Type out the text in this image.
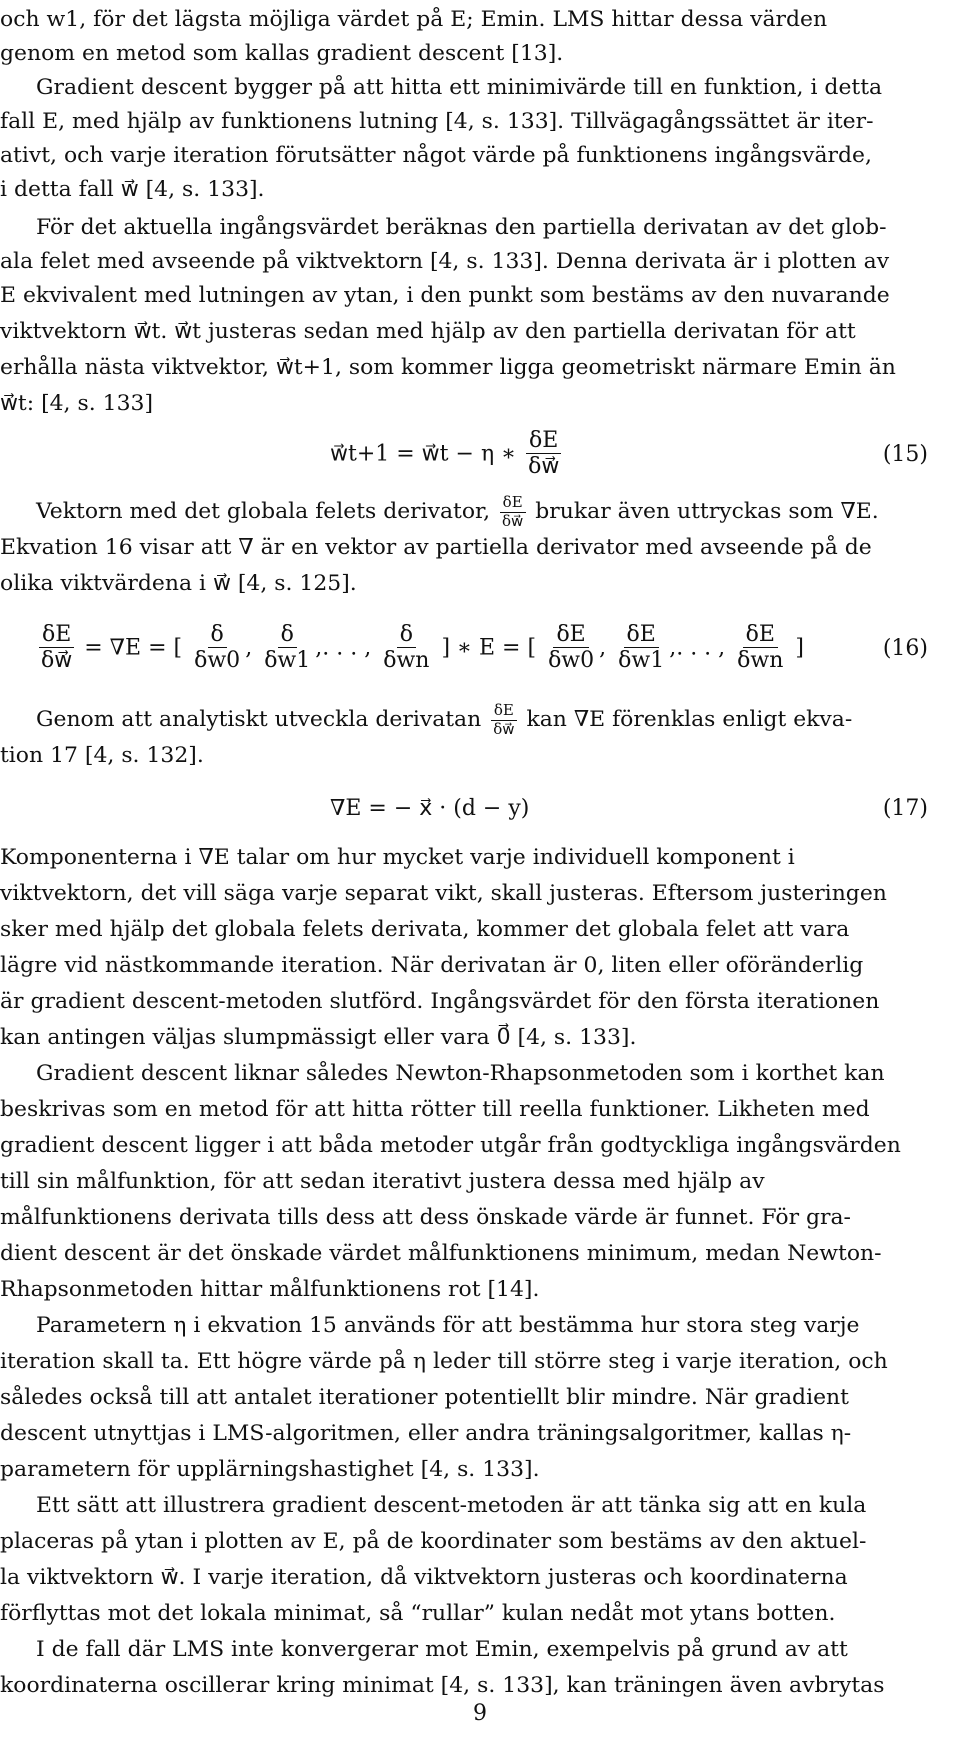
och w1, för det lägsta möjliga värdet på E; Emin. LMS hittar dessa värden
genom en metod som kallas gradient descent [13].
Gradient descent bygger på att hitta ett minimivärde till en funktion, i detta
fall E, med hjälp av funktionens lutning [4, s. 133]. Tillvägagångssättet är iter-
ativt, och varje iteration förutsätter något värde på funktionens ingångsvärde,
i detta fall w⃗ [4, s. 133].
För det aktuella ingångsvärdet beräknas den partiella derivatan av det glob-
ala felet med avseende på viktvektorn [4, s. 133]. Denna derivata är i plotten av
E ekvivalent med lutningen av ytan, i den punkt som bestäms av den nuvarande
viktvektorn w⃗t. w⃗t justeras sedan med hjälp av den partiella derivatan för att
erhålla nästa viktvektor, w⃗t+1, som kommer ligga geometriskt närmare Emin än
w⃗t: [4, s. 133]
w⃗t+1 = w⃗t − η ∗ $\frac{\delta E}{\delta w⃗}$	(15)
Vektorn med det globala felets derivator, $\frac{\delta E}{\delta w⃗}$ brukar även uttryckas som ∇E.
Ekvation 16 visar att ∇ är en vektor av partiella derivator med avseende på de
olika viktvärdena i w⃗ [4, s. 125].
$\frac{\delta E}{\delta w⃗} = \nabla E$ = [ $\frac{\delta}{\delta w0}$ , $\frac{\delta}{\delta w1}$ ,. . . , $\frac{\delta}{\text{δwn}}$ ] ∗ E = [ $\frac{\delta E}{\delta w0}$ , $\frac{\delta E}{\delta w1}$ ,. . . , $\frac{\delta E}{\text{δwn}}$ ]	(16)
Genom att analytiskt utveckla derivatan $\frac{\delta E}{\delta w⃗}$ kan ∇E förenklas enligt ekva-
tion 17 [4, s. 132].
∇E = − x⃗ · (d − y)	(17)
Komponenterna i ∇E talar om hur mycket varje individuell komponent i
viktvektorn, det vill säga varje separat vikt, skall justeras. Eftersom justeringen
sker med hjälp det globala felets derivata, kommer det globala felet att vara
lägre vid nästkommande iteration. När derivatan är 0, liten eller oföränderlig
är gradient descent-metoden slutförd. Ingångsvärdet för den första iterationen
kan antingen väljas slumpmässigt eller vara 0⃗ [4, s. 133].
Gradient descent liknar således Newton-Rhapsonmetoden som i korthet kan
beskrivas som en metod för att hitta rötter till reella funktioner. Likheten med
gradient descent ligger i att båda metoder utgår från godtyckliga ingångsvärden
till sin målfunktion, för att sedan iterativt justera dessa med hjälp av
målfunktionens derivata tills dess att dess önskade värde är funnet. För gra-
dient descent är det önskade värdet målfunktionens minimum, medan Newton-
Rhapsonmetoden hittar målfunktionens rot [14].
Parametern η i ekvation 15 används för att bestämma hur stora steg varje
iteration skall ta. Ett högre värde på η leder till större steg i varje iteration, och
således också till att antalet iterationer potentiellt blir mindre. När gradient
descent utnyttjas i LMS-algoritmen, eller andra träningsalgoritmer, kallas η-
parametern för upplärningshastighet [4, s. 133].
Ett sätt att illustrera gradient descent-metoden är att tänka sig att en kula
placeras på ytan i plotten av E, på de koordinater som bestäms av den aktuel-
la viktvektorn w⃗. I varje iteration, då viktvektorn justeras och koordinaterna
förflyttas mot det lokala minimat, så “rullar” kulan nedåt mot ytans botten.
I de fall där LMS inte konvergerar mot Emin, exempelvis på grund av att
koordinaterna oscillerar kring minimat [4, s. 133], kan träningen även avbrytas
9
